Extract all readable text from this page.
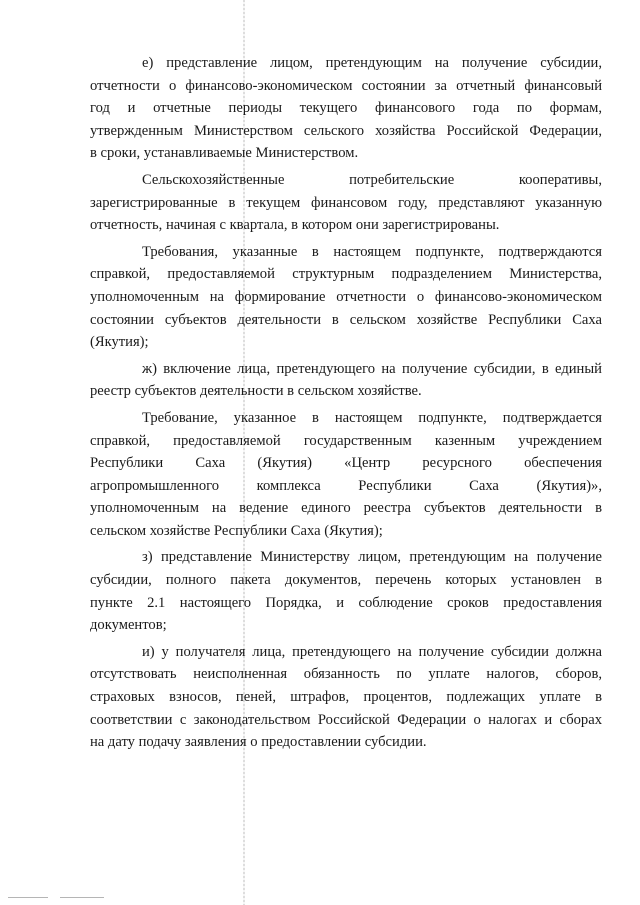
е) представление лицом, претендующим на получение субсидии,
отчетности о финансово-экономическом состоянии за отчетный финансовый
год и отчетные периоды текущего финансового года по формам,
утвержденным Министерством сельского хозяйства Российской Федерации,
в сроки, устанавливаемые Министерством.

Сельскохозяйственные потребительские кооперативы,
зарегистрированные в текущем финансовом году, представляют указанную
отчетность, начиная с квартала, в котором они зарегистрированы.

Требования, указанные в настоящем подпункте, подтверждаются
справкой, предоставляемой структурным подразделением Министерства,
уполномоченным на формирование отчетности о финансово-экономическом
состоянии субъектов деятельности в сельском хозяйстве Республики Саха
(Якутия);

ж) включение лица, претендующего на получение субсидии, в единый
реестр субъектов деятельности в сельском хозяйстве.

Требование, указанное в настоящем подпункте, подтверждается
справкой, предоставляемой государственным казенным учреждением
Республики Саха (Якутия) «Центр ресурсного обеспечения
агропромышленного комплекса Республики Саха (Якутия)»,
уполномоченным на ведение единого реестра субъектов деятельности в
сельском хозяйстве Республики Саха (Якутия);

з) представление Министерству лицом, претендующим на получение
субсидии, полного пакета документов, перечень которых установлен в
пункте 2.1 настоящего Порядка, и соблюдение сроков предоставления
документов;

и) у получателя лица, претендующего на получение субсидии должна
отсутствовать неисполненная обязанность по уплате налогов, сборов,
страховых взносов, пеней, штрафов, процентов, подлежащих уплате в
соответствии с законодательством Российской Федерации о налогах и сборах
на дату подачу заявления о предоставлении субсидии.
